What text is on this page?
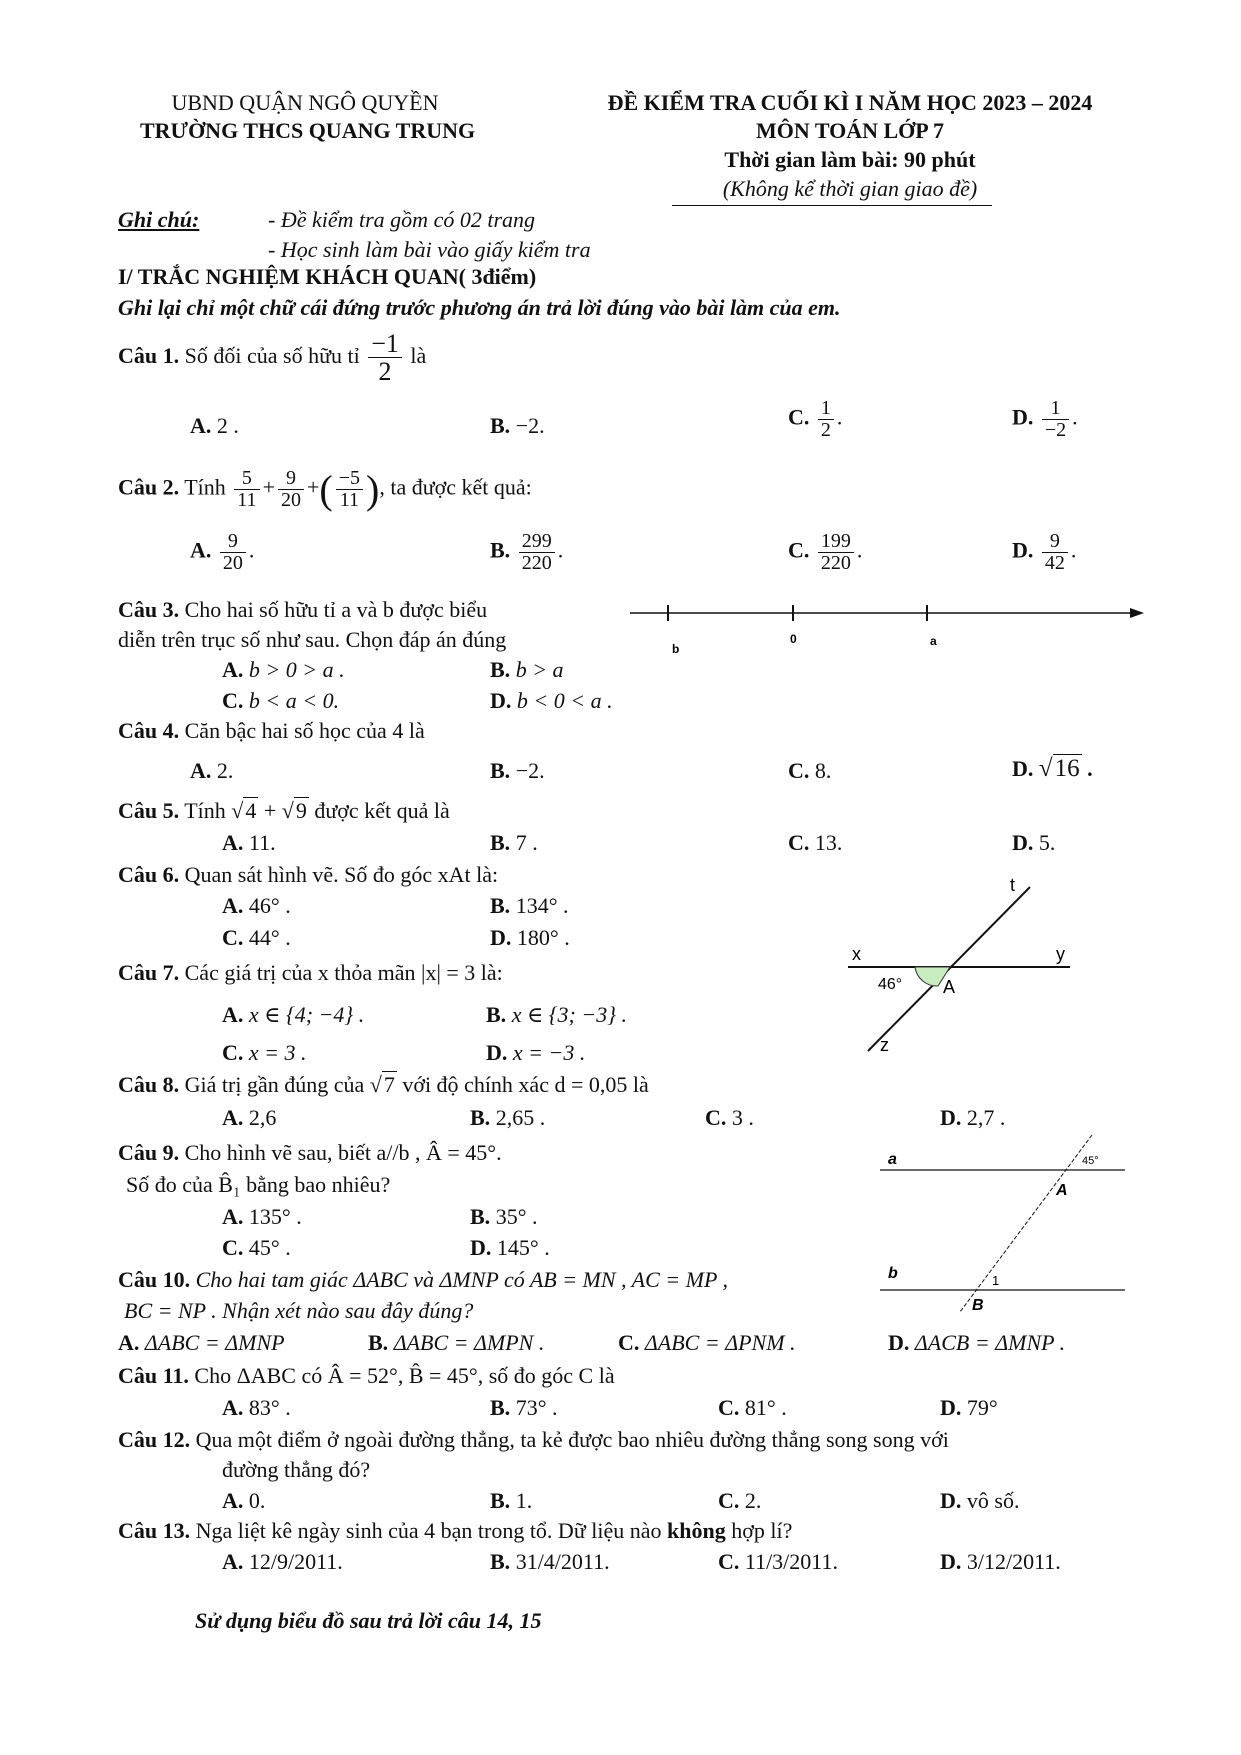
UBND QUẬN NGÔ QUYỀN
TRƯỜNG THCS QUANG TRUNG
ĐỀ KIỂM TRA CUỐI KÌ I NĂM HỌC 2023 – 2024
MÔN TOÁN LỚP 7
Thời gian làm bài: 90 phút
(Không kể thời gian giao đề)
Ghi chú:	- Đề kiểm tra gồm có 02 trang
- Học sinh làm bài vào giấy kiểm tra
I/ TRẮC NGHIỆM KHÁCH QUAN( 3điểm)
Ghi lại chỉ một chữ cái đứng trước phương án trả lời đúng vào bài làm của em.
Câu 1. Số đối của số hữu tỉ $\frac{-1}{2}$ là
A. 2 .	B. −2.	C. $\frac{1}{2}$ .	D. $\frac{1}{-2}$ .
Câu 2. Tính $\frac{5}{11} + \frac{9}{20}$ +( $\frac{-5}{11}$ ), ta được kết quả:
A. $\frac{9}{20}$ .	B. $\frac{299}{220}$ .	C. $\frac{199}{220}$ .	D. $\frac{9}{42}$ .
Câu 3. Cho hai số hữu tỉ a và b được biểu
diễn trên trục số như sau. Chọn đáp án đúng
A. b > 0 > a .	B. b > a
C. b < a < 0.	D. b < 0 < a .
b
0	a
Câu 4. Căn bậc hai số học của 4 là
A. 2.	B. −2.	C. 8.	D. √16 .
Câu 5. Tính √4 + √9 được kết quả là
A. 11.	B. 7 .	C. 13.	D. 5.
Câu 6. Quan sát hình vẽ. Số đo góc xAt là:
A. 46° .	B. 134° .
C. 44° .	D. 180° .
t
x	y
A
z
46°
Câu 7. Các giá trị của x thỏa mãn |x| = 3 là:
A. x ∈ {4; −4} .	B. x ∈ {3; −3} .
C. x = 3 .	D. x = −3 .
Câu 8. Giá trị gần đúng của √7 với độ chính xác d = 0,05 là
A. 2,6	B. 2,65 .	C. 3 .	D. 2,7 .
Câu 9. Cho hình vẽ sau, biết a//b , Â = 45°.
Số đo của B̂₁ bằng bao nhiêu?
A. 135° .	B. 35° .
C. 45° .	D. 145° .
a
b
45°
A
1
B
Câu 10. Cho hai tam giác ΔABC và ΔMNP có AB = MN , AC = MP ,
BC = NP . Nhận xét nào sau đây đúng?
A. ΔABC = ΔMNP	B. ΔABC = ΔMPN .	C. ΔABC = ΔPNM .	D. ΔACB = ΔMNP .
Câu 11. Cho ΔABC có Â = 52°, B̂ = 45°, số đo góc C là
A. 83° .	B. 73° .	C. 81° .	D. 79°
Câu 12. Qua một điểm ở ngoài đường thẳng, ta kẻ được bao nhiêu đường thẳng song song với
đường thẳng đó?
A. 0.	B. 1.	C. 2.	D. vô số.
Câu 13. Nga liệt kê ngày sinh của 4 bạn trong tổ. Dữ liệu nào không hợp lí?
A. 12/9/2011.	B. 31/4/2011.	C. 11/3/2011.	D. 3/12/2011.
Sử dụng biểu đồ sau trả lời câu 14, 15
